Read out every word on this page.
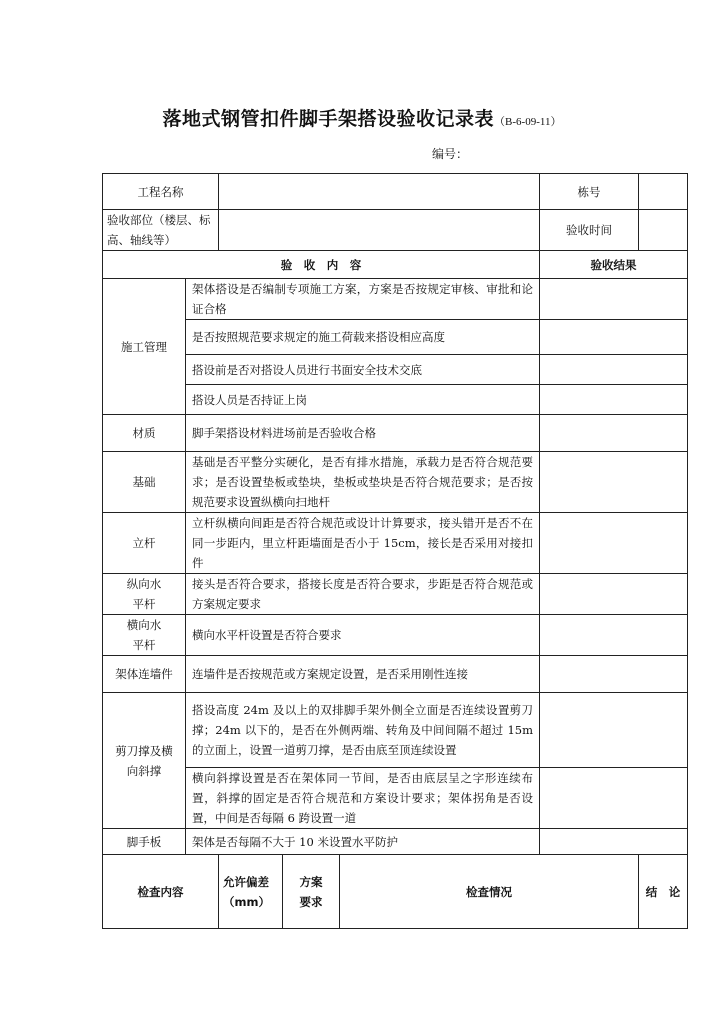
落地式钢管扣件脚手架搭设验收记录表（B-6-09-11）
编号：
工程名称					栋号	
验收部位（楼层、标高、轴线等）					验收时间	
验　收　内　容					验收结果	
施工管理	架体搭设是否编制专项施工方案，方案是否按规定审核、审批和论证合格					
	是否按照规范要求规定的施工荷载来搭设相应高度					
	搭设前是否对搭设人员进行书面安全技术交底					
	搭设人员是否持证上岗					
材质	脚手架搭设材料进场前是否验收合格					
基础	基础是否平整分实硬化，是否有排水措施，承载力是否符合规范要求；是否设置垫板或垫块，垫板或垫块是否符合规范要求；是否按规范要求设置纵横向扫地杆					
立杆	立杆纵横向间距是否符合规范或设计计算要求，接头错开是否不在同一步距内，里立杆距墙面是否小于 15cm，接长是否采用对接扣件					
纵向水平杆	接头是否符合要求，搭接长度是否符合要求，步距是否符合规范或方案规定要求					
横向水平杆	横向水平杆设置是否符合要求					
架体连墙件	连墙件是否按规范或方案规定设置，是否采用刚性连接					
剪刀撑及横向斜撑	搭设高度 24m 及以上的双排脚手架外侧全立面是否连续设置剪刀撑；24m 以下的，是否在外侧两端、转角及中间间隔不超过 15m 的立面上，设置一道剪刀撑，是否由底至顶连续设置					
	横向斜撑设置是否在架体同一节间，是否由底层呈之字形连续布置，斜撑的固定是否符合规范和方案设计要求；架体拐角是否设置，中间是否每隔 6 跨设置一道					
脚手板	架体是否每隔不大于 10 米设置水平防护					
检查内容		允许偏差（mm）	方案要求	检查情况		结　论
